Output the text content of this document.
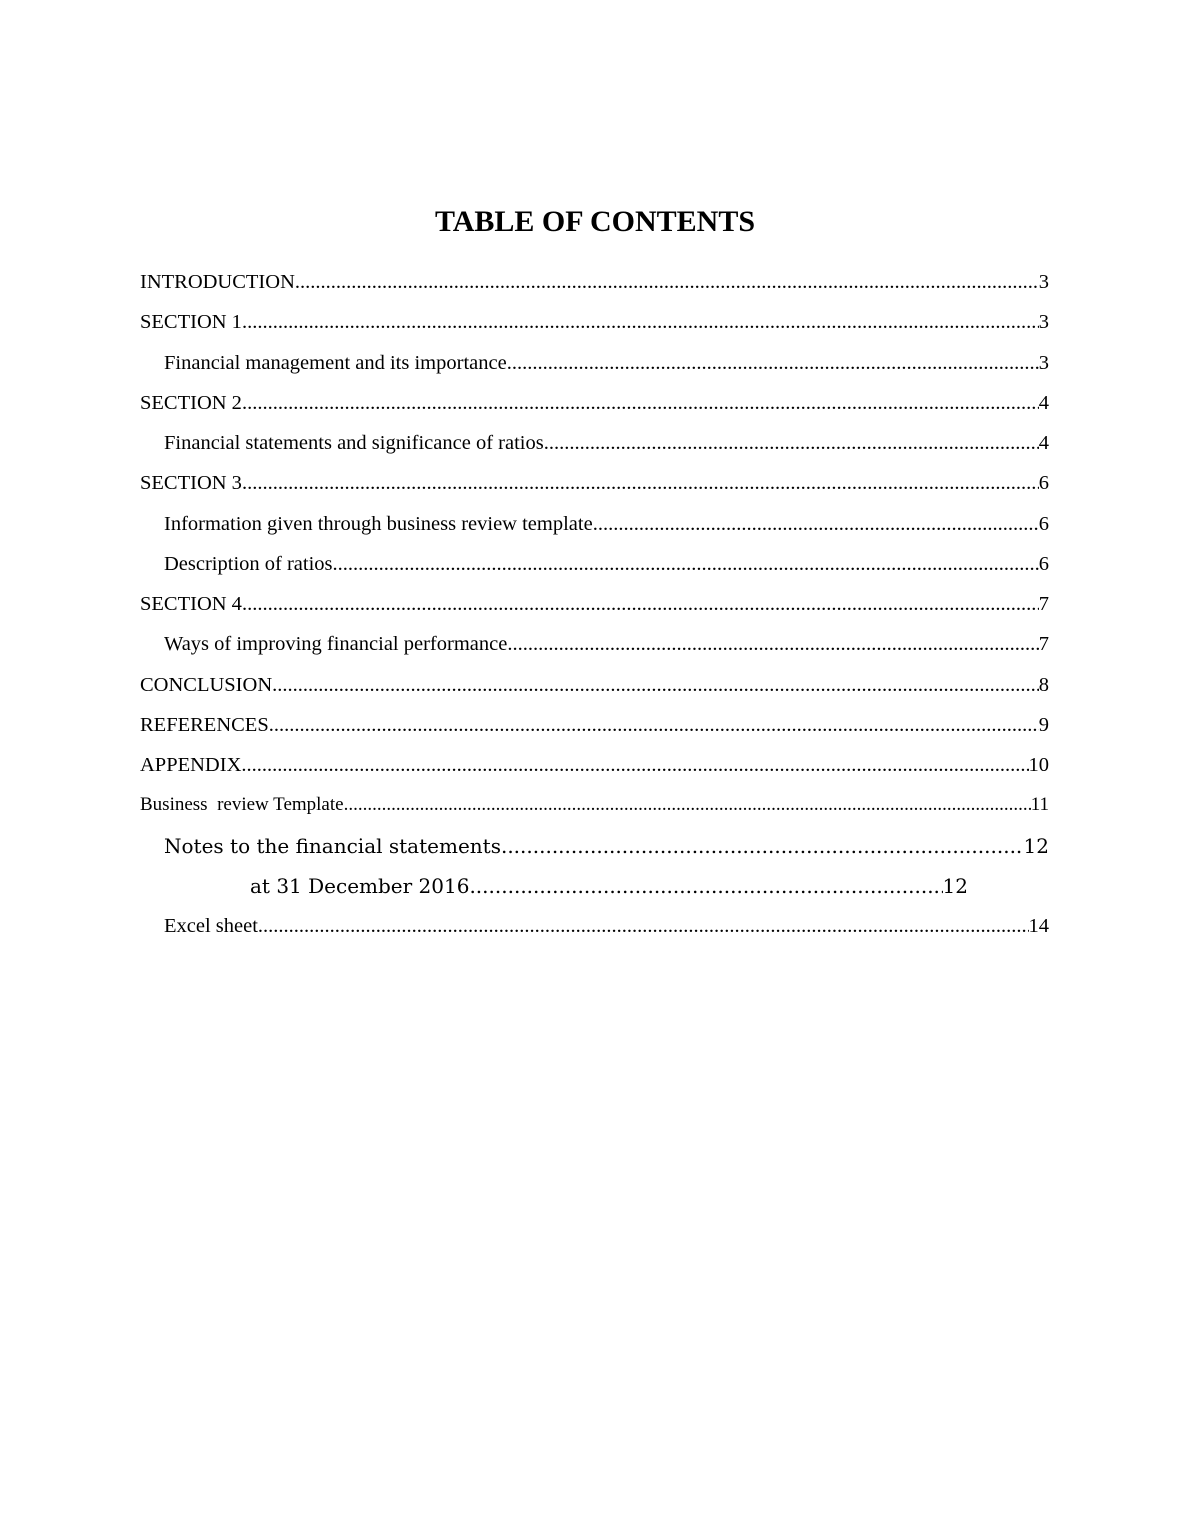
TABLE OF CONTENTS
INTRODUCTION .....	3
SECTION 1 .....	3
Financial management and its importance .....	3
SECTION 2 .....	4
Financial statements and significance of ratios .....	4
SECTION 3 .....	6
Information given through business review template .....	6
Description of ratios .....	6
SECTION 4 .....	7
Ways of improving financial performance .....	7
CONCLUSION .....	8
REFERENCES .....	9
APPENDIX .....	10
Business  review Template .....	11
Notes to the financial statements .....	12
at 31 December 2016 .....	12
Excel sheet .....	14
